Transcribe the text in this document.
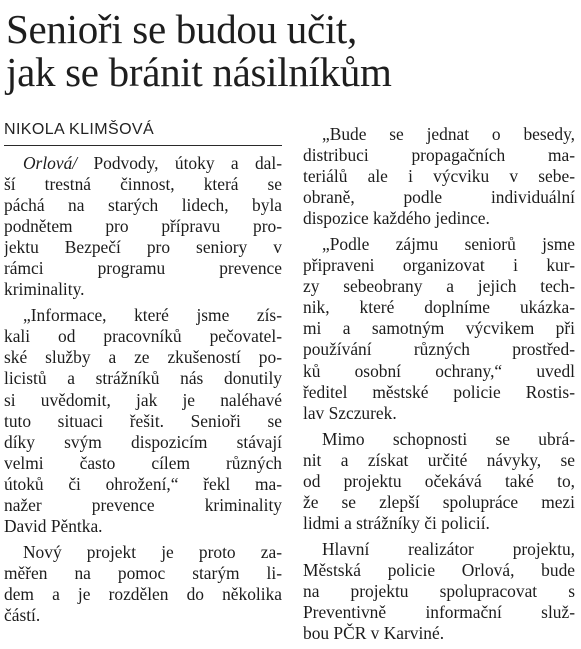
Senioři se budou učit,
jak se bránit násilníkům
NIKOLA KLIMŠOVÁ

Orlová/ Podvody, útoky a dal-
ší trestná činnost, která se
páchá na starých lidech, byla
podnětem pro přípravu pro-
jektu Bezpečí pro seniory v
rámci programu prevence
kriminality.

„Informace, které jsme zís-
kali od pracovníků pečovatel-
ské služby a ze zkušeností po-
licistů a strážníků nás donutily
si uvědomit, jak je naléhavé
tuto situaci řešit. Senioři se
díky svým dispozicím stávají
velmi často cílem různých
útoků či ohrožení,“ řekl ma-
nažer prevence kriminality
David Pěntka.

Nový projekt je proto za-
měřen na pomoc starým li-
dem a je rozdělen do několika
částí.

„Bude se jednat o besedy,
distribuci propagačních ma-
teriálů ale i výcviku v sebe-
obraně, podle individuální
dispozice každého jedince.

„Podle zájmu seniorů jsme
připraveni organizovat i kur-
zy sebeobrany a jejich tech-
nik, které doplníme ukázka-
mi a samotným výcvikem při
používání různých prostřed-
ků osobní ochrany,“ uvedl
ředitel městské policie Rostis-
lav Szczurek.

Mimo schopnosti se ubrá-
nit a získat určité návyky, se
od projektu očekává také to,
že se zlepší spolupráce mezi
lidmi a strážníky či policií.

Hlavní realizátor projektu,
Městská policie Orlová, bude
na projektu spolupracovat s
Preventivně informační služ-
bou PČR v Karviné.
